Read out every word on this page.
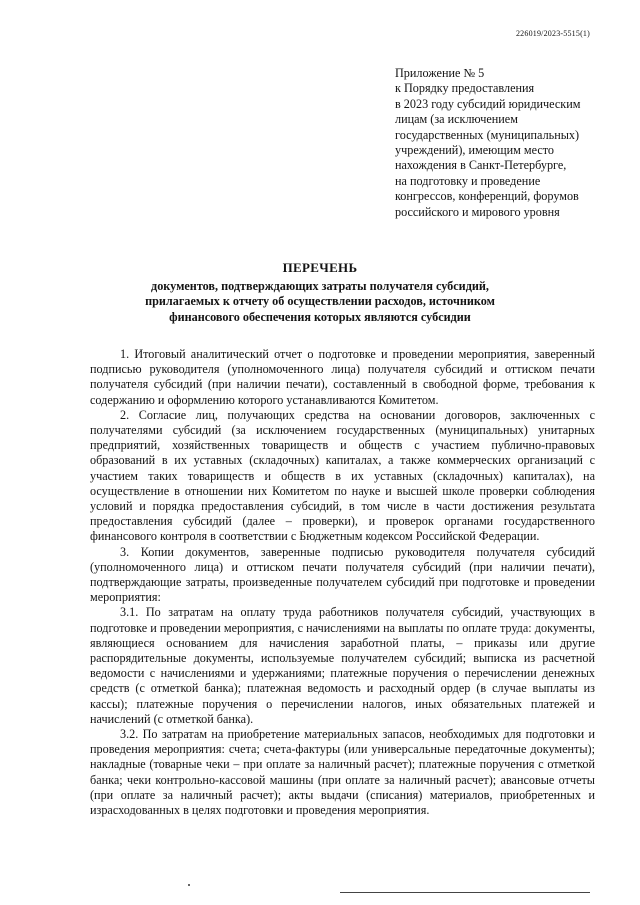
226019/2023-5515(1)
Приложение № 5
к Порядку предоставления
в 2023 году субсидий юридическим
лицам (за исключением
государственных (муниципальных)
учреждений), имеющим место
нахождения в Санкт-Петербурге,
на подготовку и проведение
конгрессов, конференций, форумов
российского и мирового уровня
ПЕРЕЧЕНЬ
документов, подтверждающих затраты получателя субсидий,
прилагаемых к отчету об осуществлении расходов, источником
финансового обеспечения которых являются субсидии

1. Итоговый аналитический отчет о подготовке и проведении мероприятия, заверенный подписью руководителя (уполномоченного лица) получателя субсидий и оттиском печати получателя субсидий (при наличии печати), составленный в свободной форме, требования к содержанию и оформлению которого устанавливаются Комитетом.

2. Согласие лиц, получающих средства на основании договоров, заключенных с получателями субсидий (за исключением государственных (муниципальных) унитарных предприятий, хозяйственных товариществ и обществ с участием публично-правовых образований в их уставных (складочных) капиталах, а также коммерческих организаций с участием таких товариществ и обществ в их уставных (складочных) капиталах), на осуществление в отношении них Комитетом по науке и высшей школе проверки соблюдения условий и порядка предоставления субсидий, в том числе в части достижения результата предоставления субсидий (далее – проверки), и проверок органами государственного финансового контроля в соответствии с Бюджетным кодексом Российской Федерации.

3. Копии документов, заверенные подписью руководителя получателя субсидий (уполномоченного лица) и оттиском печати получателя субсидий (при наличии печати), подтверждающие затраты, произведенные получателем субсидий при подготовке и проведении мероприятия:

3.1. По затратам на оплату труда работников получателя субсидий, участвующих в подготовке и проведении мероприятия, с начислениями на выплаты по оплате труда: документы, являющиеся основанием для начисления заработной платы, – приказы или другие распорядительные документы, используемые получателем субсидий; выписка из расчетной ведомости с начислениями и удержаниями; платежные поручения о перечислении денежных средств (с отметкой банка); платежная ведомость и расходный ордер (в случае выплаты из кассы); платежные поручения о перечислении налогов, иных обязательных платежей и начислений (с отметкой банка).

3.2. По затратам на приобретение материальных запасов, необходимых для подготовки и проведения мероприятия: счета; счета-фактуры (или универсальные передаточные документы); накладные (товарные чеки – при оплате за наличный расчет); платежные поручения с отметкой банка; чеки контрольно-кассовой машины (при оплате за наличный расчет); авансовые отчеты (при оплате за наличный расчет); акты выдачи (списания) материалов, приобретенных и израсходованных в целях подготовки и проведения мероприятия.
